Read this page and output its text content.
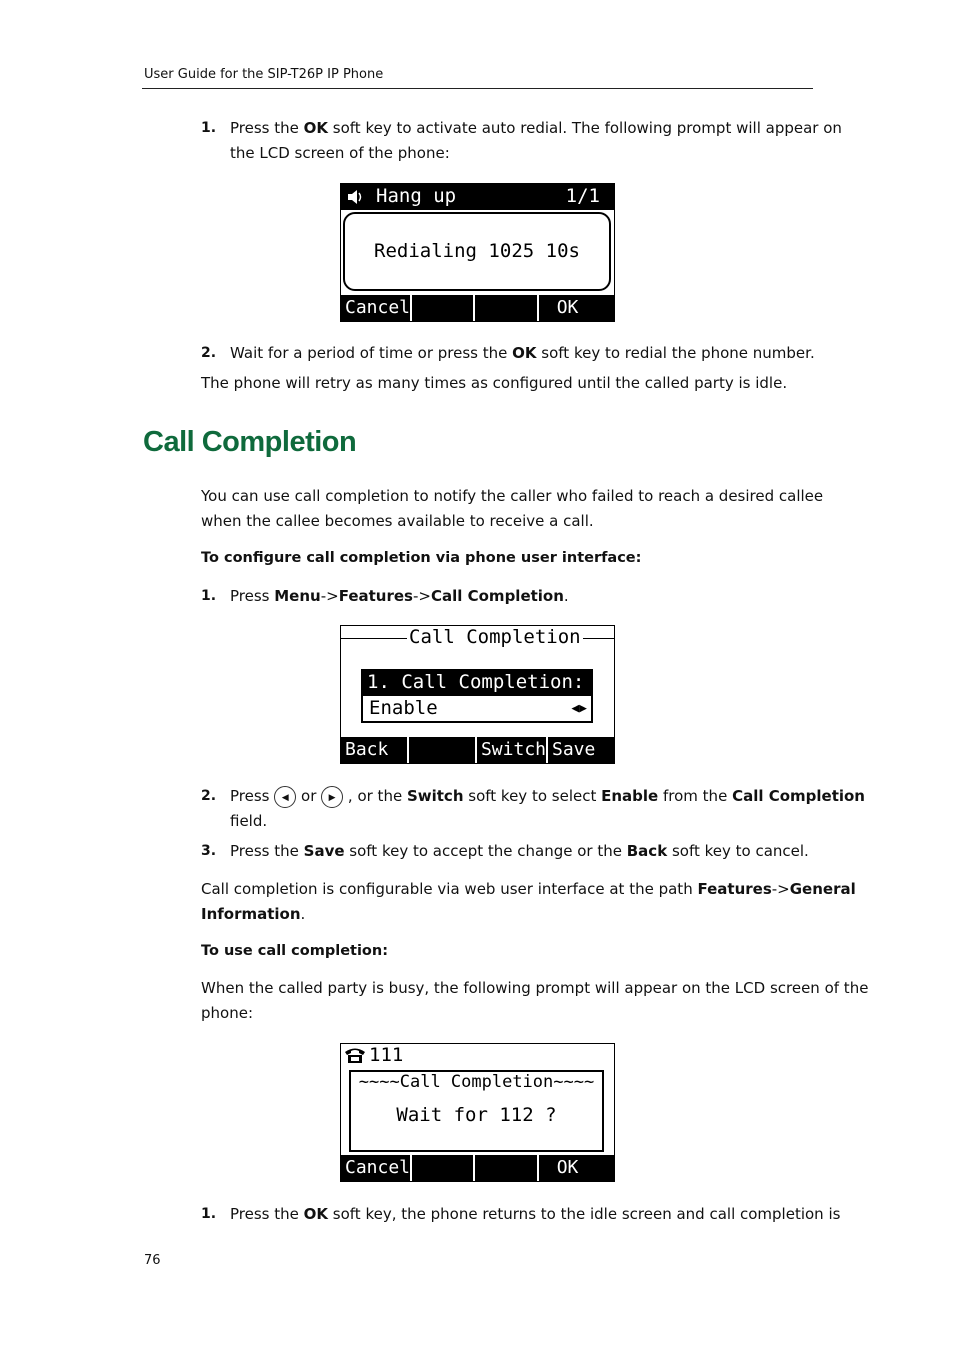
User Guide for the SIP-T26P IP Phone
1. Press the OK soft key to activate auto redial. The following prompt will appear on
the LCD screen of the phone:
Hang up	1/1
Redialing 1025 10s
Cancel	OK
2. Wait for a period of time or press the OK soft key to redial the phone number.
The phone will retry as many times as configured until the called party is idle.
Call Completion
You can use call completion to notify the caller who failed to reach a desired callee
when the callee becomes available to receive a call.
To configure call completion via phone user interface:
1. Press Menu->Features->Call Completion.
Call Completion
1. Call Completion:
Enable	◀▶
Back	Switch Save
2. Press ◀ or ▶ , or the Switch soft key to select Enable from the Call Completion
field.
3. Press the Save soft key to accept the change or the Back soft key to cancel.
Call completion is configurable via web user interface at the path Features->General
Information.
To use call completion:
When the called party is busy, the following prompt will appear on the LCD screen of the
phone:
111
~~~~Call Completion~~~~
Wait for 112 ?
Cancel	OK
1. Press the OK soft key, the phone returns to the idle screen and call completion is
76
